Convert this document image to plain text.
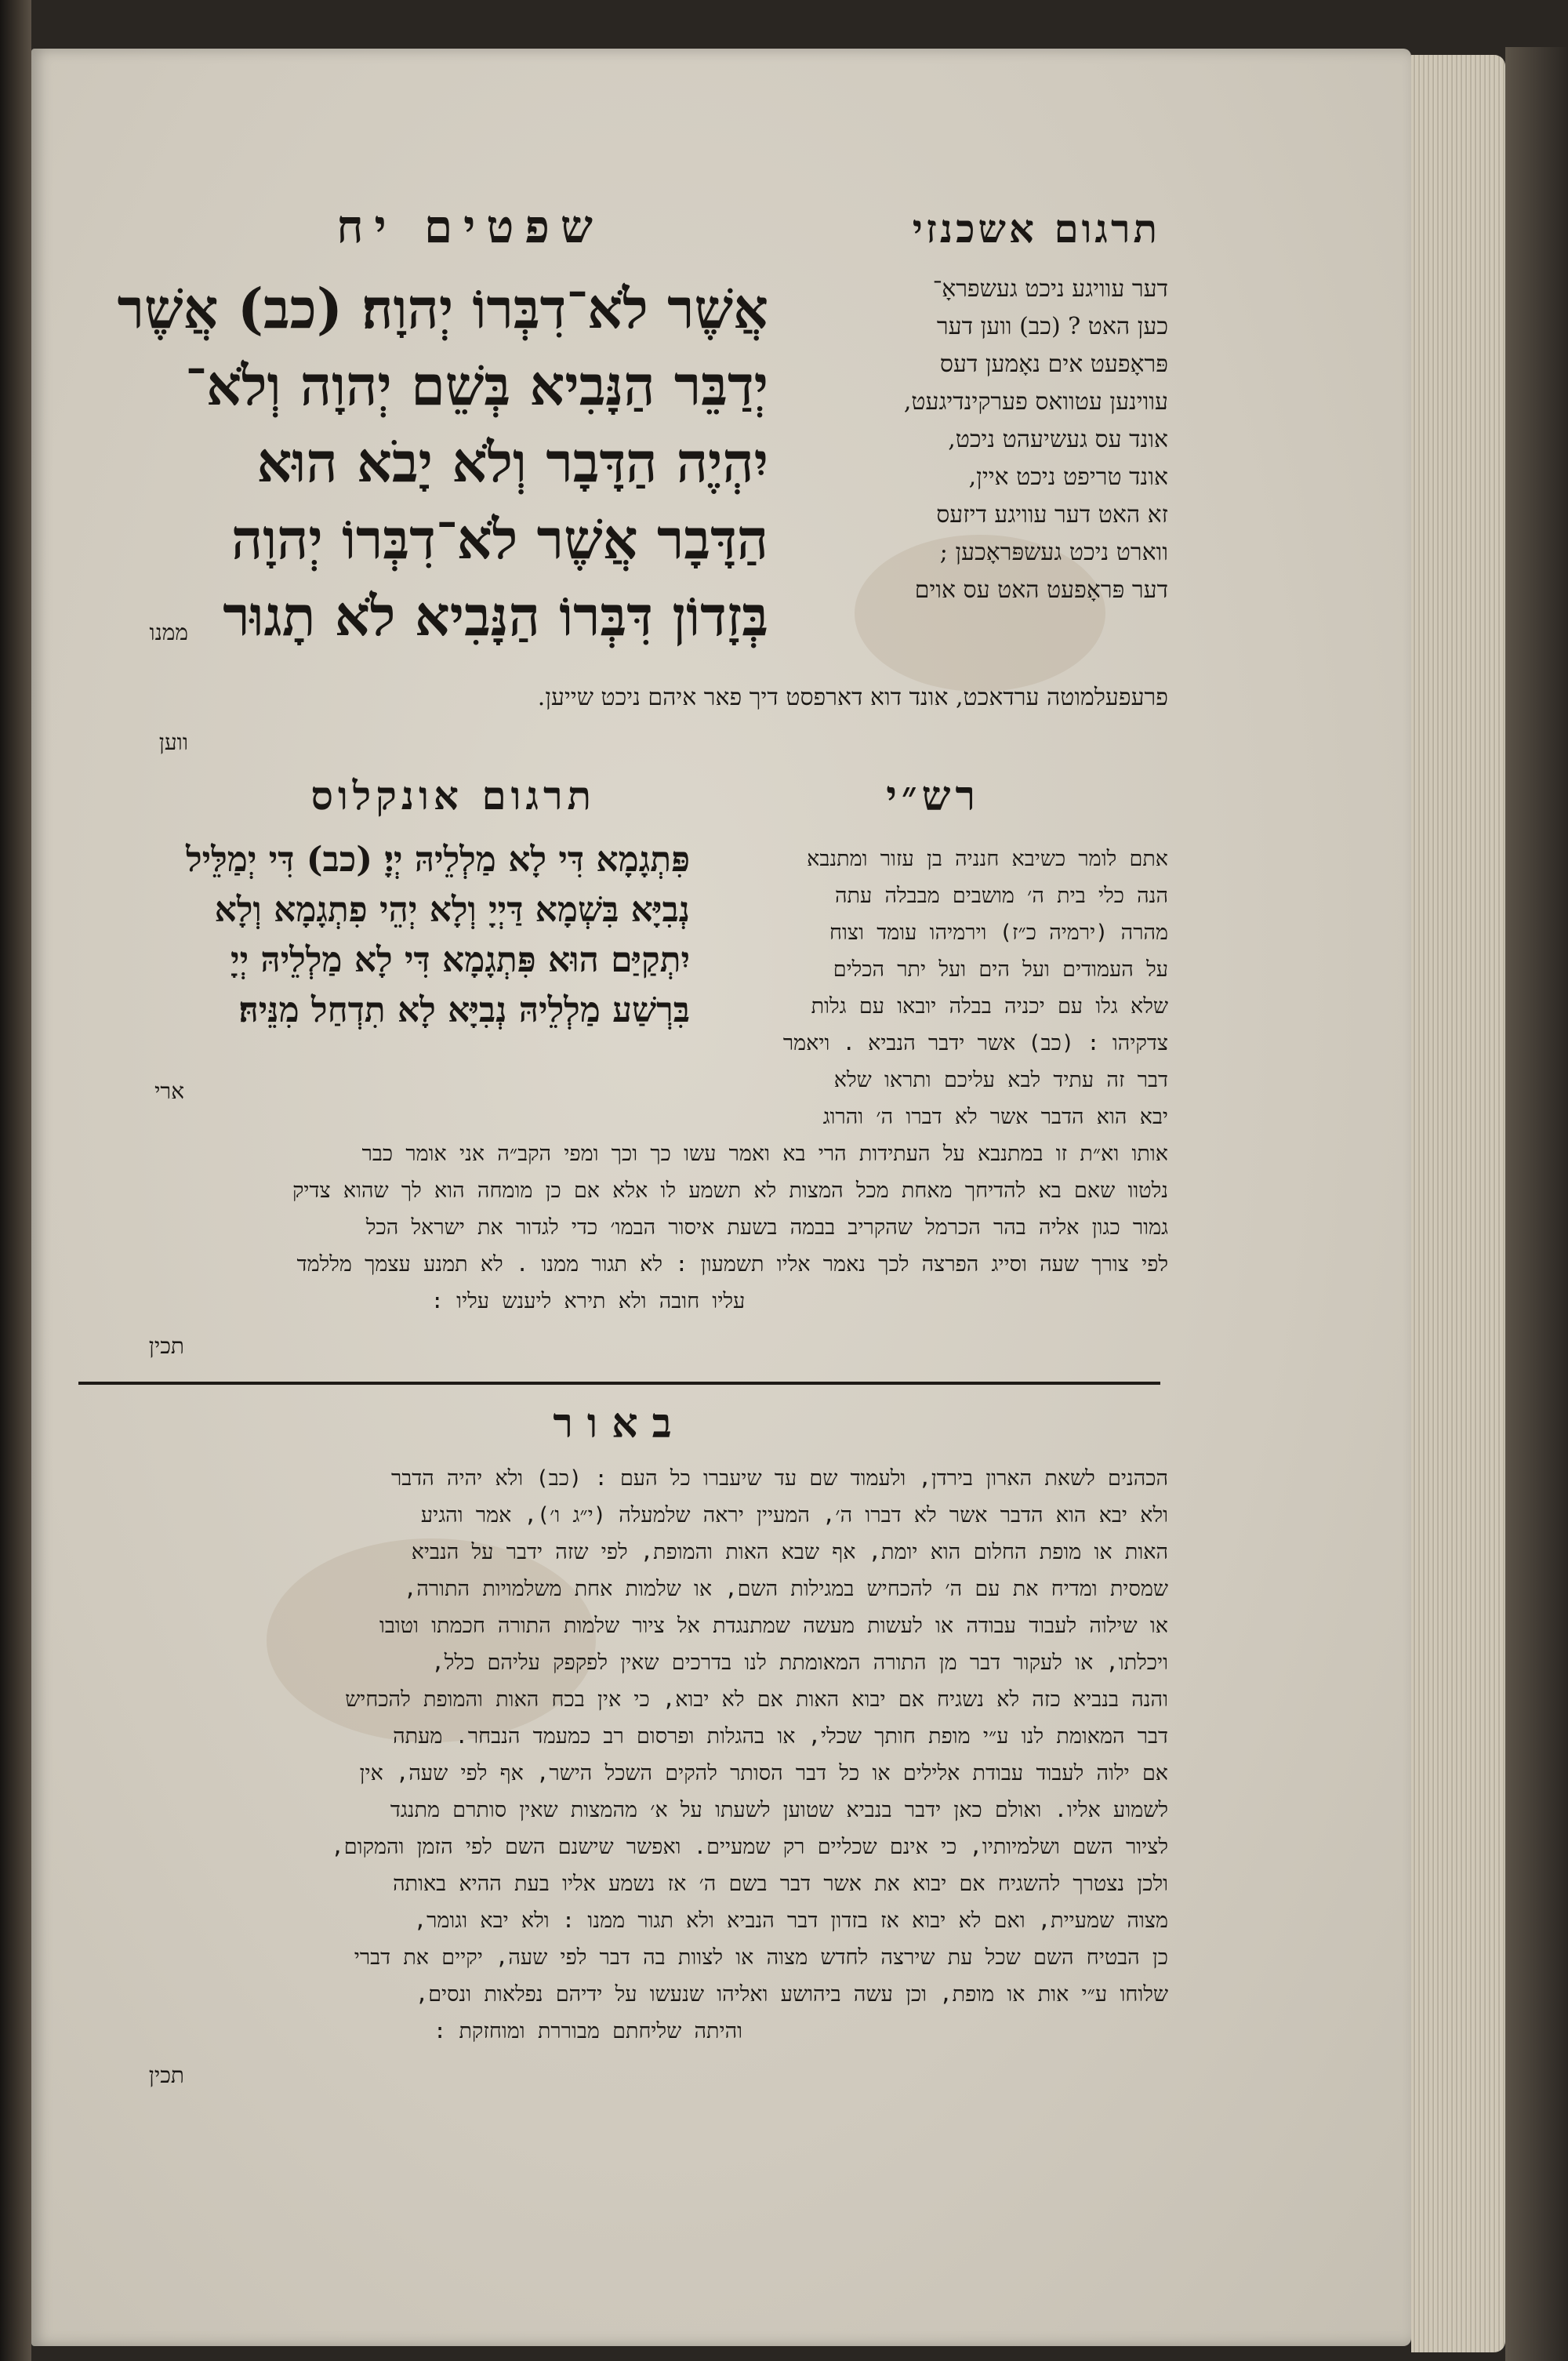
שפטים יח	תרגום אשכנזי
אֲשֶׁר לֹא־דִבְּרוֹ יְהוָה׃ (כב) אֲשֶׁר
יְדַבֵּר הַנָּבִיא בְּשֵׁם יְהוָה וְלֹא־
יִהְיֶה הַדָּבָר וְלֹא יָבֹא הוּא
הַדָּבָר אֲשֶׁר לֹא־דִבְּרוֹ יְהוָה
בְּזָדוֹן דִּבְּרוֹ הַנָּבִיא לֹא תָגוּר
ממנו
דער עוויגע ניכט געשפראָ־
כען האט ? (כב) ווען דער
פּראָפעט אים נאָמען דעס
עווינען עטוואס פערקינדיגעט,
אונד עס געשיעהט ניכט,
אונד טריפט ניכט איין,
זא האט דער עוויגע דיזעס
ווארט ניכט געשפּראָכען ;
דער פּראָפעט האט עס אוים
פרעפעלמוטה ערדאכט, אונד דוא דארפסט דיך פאר איהם ניכט שייען.
ווען
רש״י
תרגום אונקלוס
פִּתְגָמָא דִּי לָא מַלְלֵיהּ יְיָ׃ (כב) דִּי יְמַלֵּיל
נְבִיָּא בִּשְׁמָא דַּיְיָ וְלָא יְהֵי פִתְגָמָא וְלָא
יִתְקַיַּם הוּא פִּתְגָמָא דִּי לָא מַלְלֵיהּ יְיָ
בִּרְשַׁע מַלְלֵיהּ נְבִיָּא לָא תִדְחַל מִנֵּיהּ׃
ארי
אתם לומר כשיבא חנניה בן עזור ומתנבא
הנה כלי בית ה׳ מושבים מבבלה עתה
מהרה (ירמיה כ״ז) וירמיהו עומד וצוח
על העמודים ועל הים ועל יתר הכלים
שלא גלו עם יכניה בבלה יובאו עם גלות
צדקיהו : (כב) אשר ידבר הנביא . ויאמר
דבר זה עתיד לבא עליכם ותראו שלא
יבא הוא הדבר אשר לא דברו ה׳ והרוג
אותו וא״ת זו במתנבא על העתידות הרי בא ואמר עשו כך וכך ומפי הקב״ה אני אומר כבר
נלטוו שאם בא להדיחך מאחת מכל המצות לא תשמע לו אלא אם כן מומחה הוא לך שהוא צדיק
גמור כגון אליה בהר הכרמל שהקריב בבמה בשעת איסור הבמו׳ כדי לגדור את ישראל הכל
לפי צורך שעה וסייג הפרצה לכך נאמר אליו תשמעון : לא תגור ממנו . לא תמנע עצמך מללמד
עליו חובה ולא תירא ליענש עליו :
תכין
באור
הכהנים לשאת הארון בירדן, ולעמוד שם עד שיעברו כל העם : (כב) ולא יהיה הדבר
ולא יבא הוא הדבר אשר לא דברו ה׳, המעיין יראה שלמעלה (י״ג ו׳), אמר והגיע
האות או מופת החלום הוא יומת, אף שבא האות והמופת, לפי שזה ידבר על הנביא
שמסית ומדיח את עם ה׳ להכחיש במגילות השם, או שלמות אחת משלמויות התורה,
או שילוה לעבוד עבודה או לעשות מעשה שמתנגדת אל ציור שלמות התורה חכמתו וטובו
ויכלתו, או לעקור דבר מן התורה המאומתת לנו בדרכים שאין לפקפק עליהם כלל,
והנה בנביא כזה לא נשגיח אם יבוא האות אם לא יבוא, כי אין בכח האות והמופת להכחיש
דבר המאומת לנו ע״י מופת חותך שכלי, או בהגלות ופרסום רב כמעמד הנבחר. מעתה
אם ילוה לעבוד עבודת אלילים או כל דבר הסותר להקים השכל הישר, אף לפי שעה, אין
לשמוע אליו. ואולם כאן ידבר בנביא שטוען לשעתו על א׳ מהמצות שאין סותרם מתנגד
לציור השם ושלמיותיו, כי אינם שכליים רק שמעיים. ואפשר שישנם השם לפי הזמן והמקום,
ולכן נצטרך להשגיח אם יבוא את אשר דבר בשם ה׳ אז נשמע אליו בעת ההיא באותה
מצוה שמעיית, ואם לא יבוא אז בזדון דבר הנביא ולא תגור ממנו : ולא יבא וגומר,
כן הבטיח השם שכל עת שירצה לחדש מצוה או לצוות בה דבר לפי שעה, יקיים את דברי
שלוחו ע״י אות או מופת, וכן עשה ביהושע ואליהו שנעשו על ידיהם נפלאות ונסים,
והיתה שליחתם מבוררת ומוחזקת :
תכין
